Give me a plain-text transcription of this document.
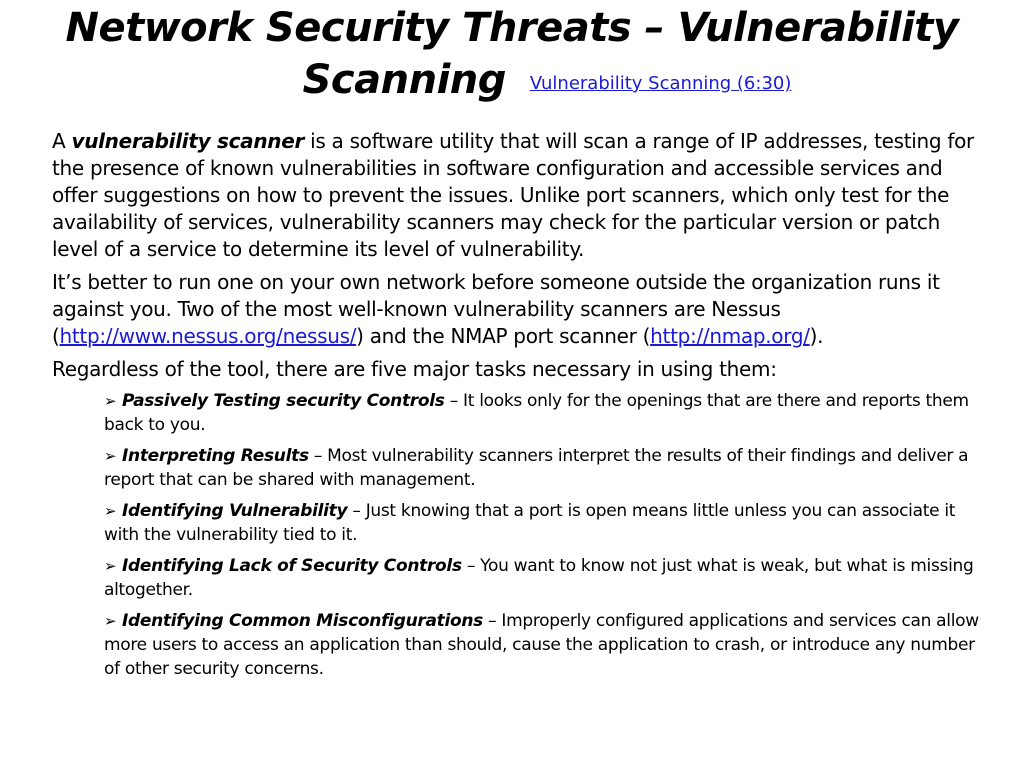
Network Security Threats – Vulnerability
Scanning Vulnerability Scanning (6:30)

A vulnerability scanner is a software utility that will scan a range of IP addresses, testing for the presence of known vulnerabilities in software configuration and accessible services and offer suggestions on how to prevent the issues. Unlike port scanners, which only test for the availability of services, vulnerability scanners may check for the particular version or patch level of a service to determine its level of vulnerability.

It’s better to run one on your own network before someone outside the organization runs it against you. Two of the most well-known vulnerability scanners are Nessus (http://www.nessus.org/nessus/) and the NMAP port scanner (http://nmap.org/).

Regardless of the tool, there are five major tasks necessary in using them:

➢ Passively Testing security Controls – It looks only for the openings that are there and reports them back to you.
➢ Interpreting Results – Most vulnerability scanners interpret the results of their findings and deliver a report that can be shared with management.
➢ Identifying Vulnerability – Just knowing that a port is open means little unless you can associate it with the vulnerability tied to it.
➢ Identifying Lack of Security Controls – You want to know not just what is weak, but what is missing altogether.
➢ Identifying Common Misconfigurations – Improperly configured applications and services can allow more users to access an application than should, cause the application to crash, or introduce any number of other security concerns.
